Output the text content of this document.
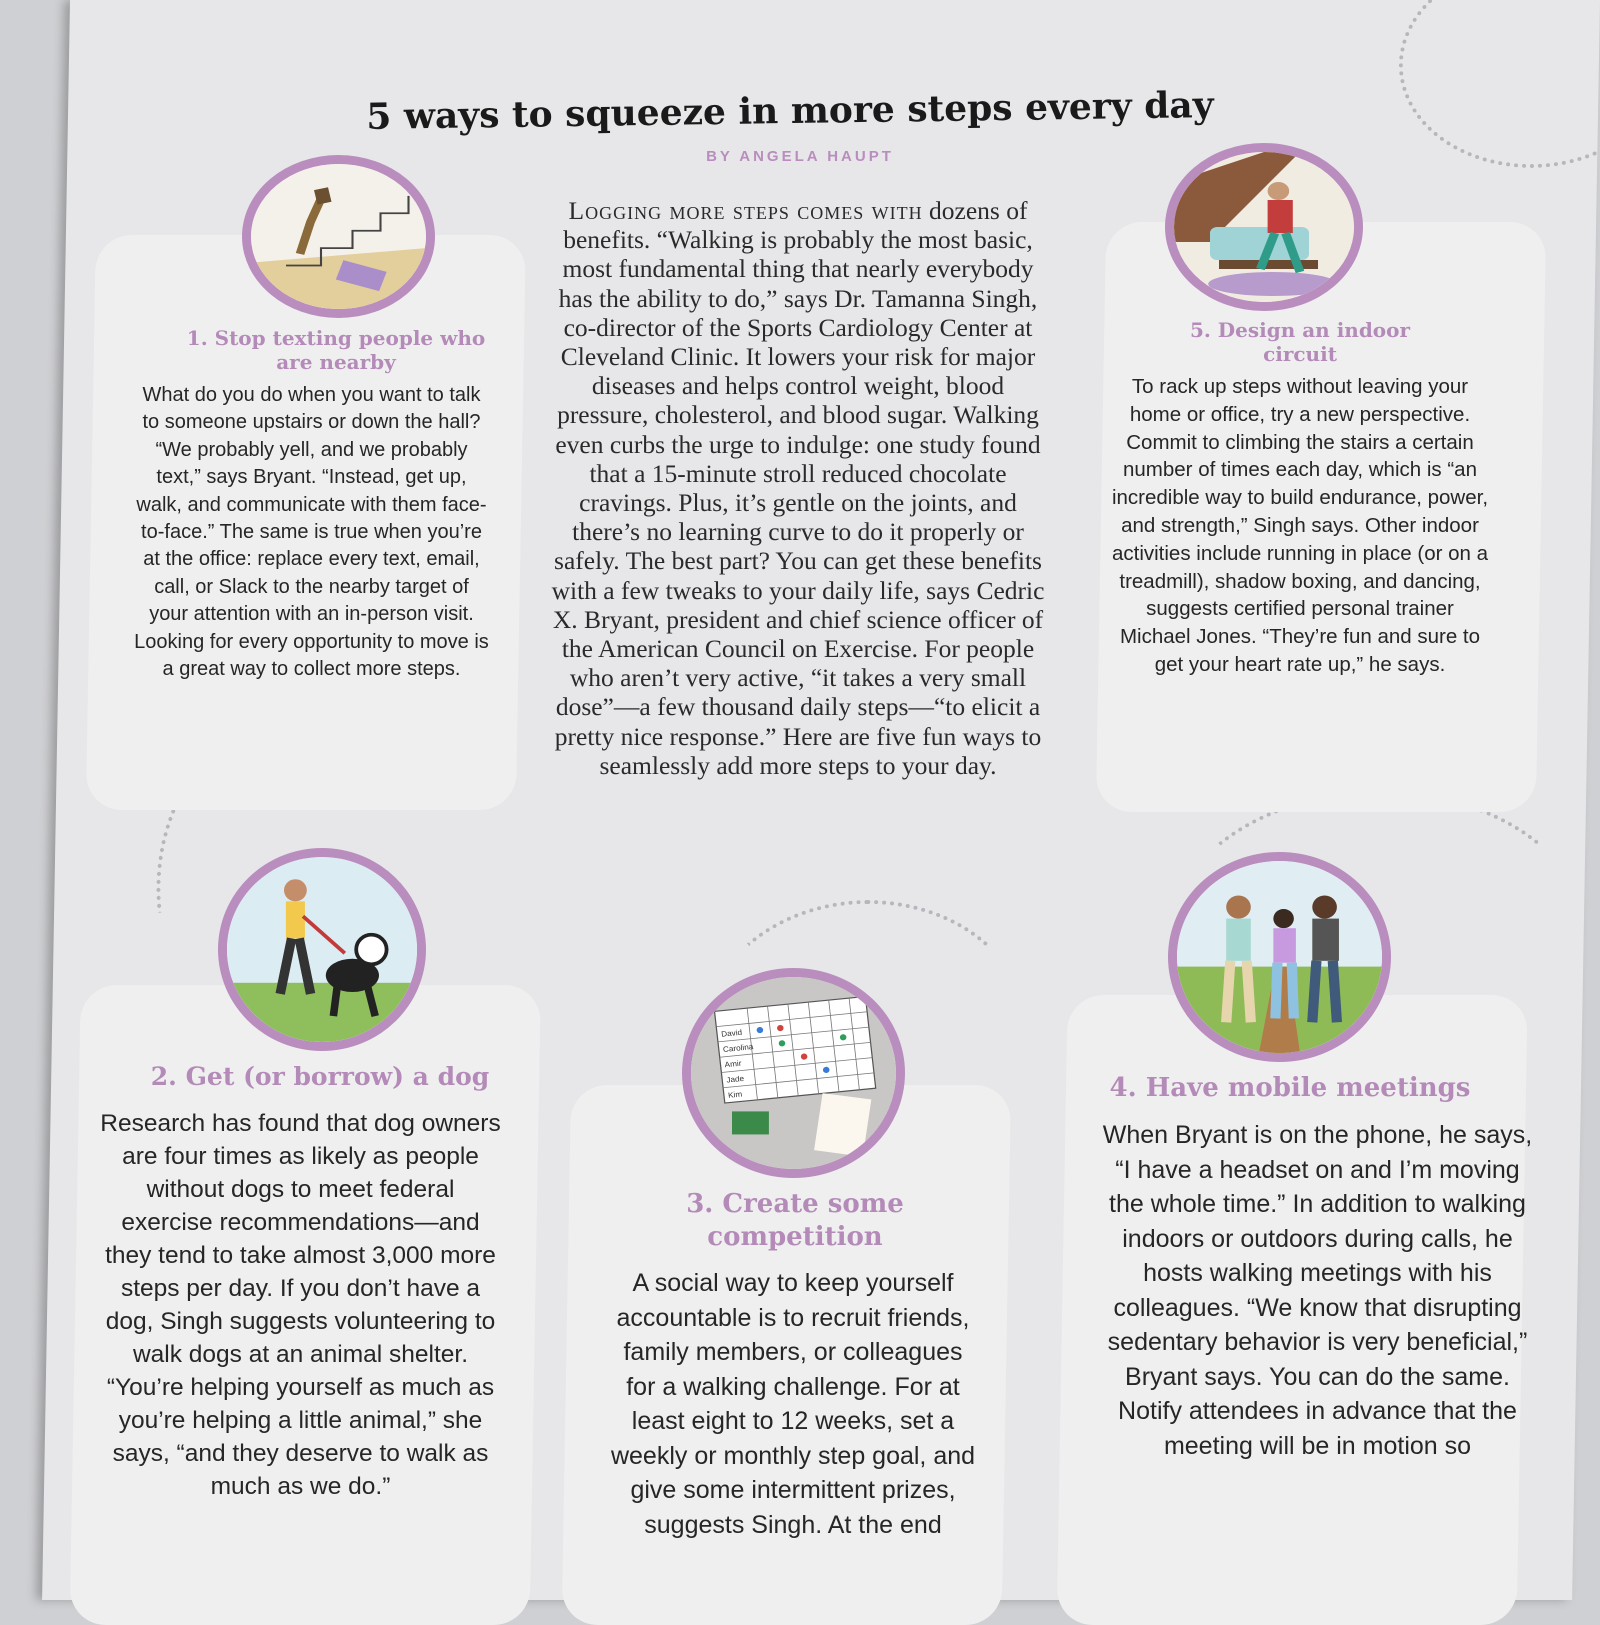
5 ways to squeeze in more steps every day
BY ANGELA HAUPT
Logging more steps comes with dozens of benefits. “Walking is probably the most basic, most fundamental thing that nearly everybody has the ability to do,” says Dr. Tamanna Singh, co-director of the Sports Cardiology Center at Cleveland Clinic. It lowers your risk for major diseases and helps control weight, blood pressure, cholesterol, and blood sugar. Walking even curbs the urge to indulge: one study found that a 15-minute stroll reduced chocolate cravings. Plus, it’s gentle on the joints, and there’s no learning curve to do it properly or safely. The best part? You can get these benefits with a few tweaks to your daily life, says Cedric X. Bryant, president and chief science officer of the American Council on Exercise. For people who aren’t very active, “it takes a very small dose”—a few thousand daily steps—“to elicit a pretty nice response.” Here are five fun ways to seamlessly add more steps to your day.
David
Carolina
Amir
Jade
Kim
1. Stop texting people who are nearby
What do you do when you want to talk to someone upstairs or down the hall? “We probably yell, and we probably text,” says Bryant. “Instead, get up, walk, and communicate with them face-to-face.” The same is true when you’re at the office: replace every text, email, call, or Slack to the nearby target of your attention with an in-person visit. Looking for every opportunity to move is a great way to collect more steps.
5. Design an indoor circuit
To rack up steps without leaving your home or office, try a new perspective. Commit to climbing the stairs a certain number of times each day, which is “an incredible way to build endurance, power, and strength,” Singh says. Other indoor activities include running in place (or on a treadmill), shadow boxing, and dancing, suggests certified personal trainer Michael Jones. “They’re fun and sure to get your heart rate up,” he says.
2. Get (or borrow) a dog
Research has found that dog owners are four times as likely as people without dogs to meet federal exercise recommendations—and they tend to take almost 3,000 more steps per day. If you don’t have a dog, Singh suggests volunteering to walk dogs at an animal shelter. “You’re helping yourself as much as you’re helping a little animal,” she says, “and they deserve to walk as much as we do.”
3. Create some competition
A social way to keep yourself accountable is to recruit friends, family members, or colleagues for a walking challenge. For at least eight to 12 weeks, set a weekly or monthly step goal, and give some intermittent prizes, suggests Singh. At the end
4. Have mobile meetings
When Bryant is on the phone, he says, “I have a headset on and I’m moving the whole time.” In addition to walking indoors or outdoors during calls, he hosts walking meetings with his colleagues. “We know that disrupting sedentary behavior is very beneficial,” Bryant says. You can do the same. Notify attendees in advance that the meeting will be in motion so
